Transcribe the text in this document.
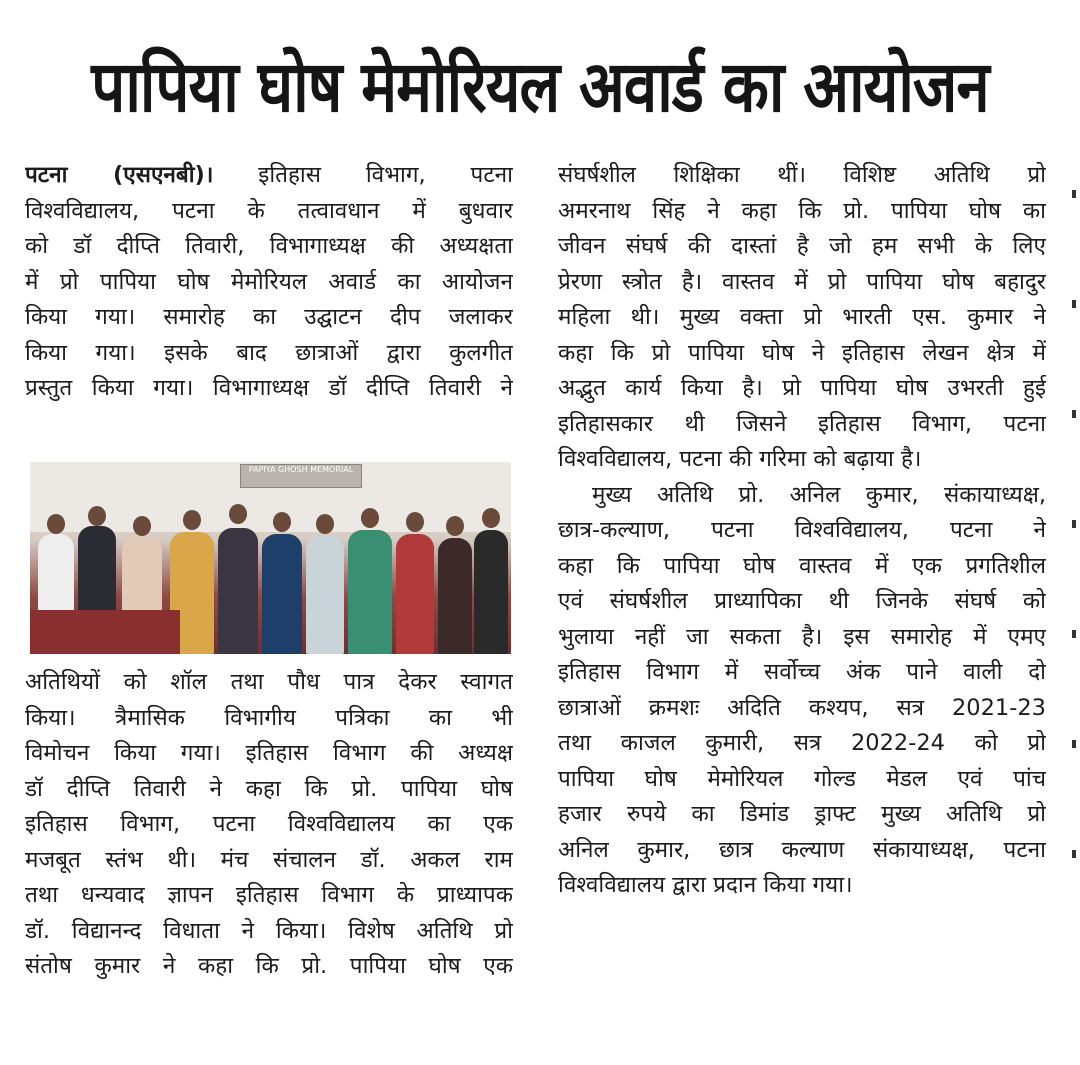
पापिया घोष मेमोरियल अवार्ड का आयोजन
पटना (एसएनबी)। इतिहास विभाग, पटना
विश्वविद्यालय, पटना के तत्वावधान में बुधवार
को डॉ दीप्ति तिवारी, विभागाध्यक्ष की अध्यक्षता
में प्रो पापिया घोष मेमोरियल अवार्ड का आयोजन
किया गया। समारोह का उद्घाटन दीप जलाकर
किया गया। इसके बाद छात्राओं द्वारा कुलगीत
प्रस्तुत किया गया। विभागाध्यक्ष डॉ दीप्ति तिवारी ने
PAPIYA GHOSH MEMORIAL
अतिथियों को शॉल तथा पौध पात्र देकर स्वागत
किया। त्रैमासिक विभागीय पत्रिका का भी
विमोचन किया गया। इतिहास विभाग की अध्यक्ष
डॉ दीप्ति तिवारी ने कहा कि प्रो. पापिया घोष
इतिहास विभाग, पटना विश्वविद्यालय का एक
मजबूत स्तंभ थी। मंच संचालन डॉ. अकल राम
तथा धन्यवाद ज्ञापन इतिहास विभाग के प्राध्यापक
डॉ. विद्यानन्द विधाता ने किया। विशेष अतिथि प्रो
संतोष कुमार ने कहा कि प्रो. पापिया घोष एक
संघर्षशील शिक्षिका थीं। विशिष्ट अतिथि प्रो
अमरनाथ सिंह ने कहा कि प्रो. पापिया घोष का
जीवन संघर्ष की दास्तां है जो हम सभी के लिए
प्रेरणा स्त्रोत है। वास्तव में प्रो पापिया घोष बहादुर
महिला थी। मुख्य वक्ता प्रो भारती एस. कुमार ने
कहा कि प्रो पापिया घोष ने इतिहास लेखन क्षेत्र में
अद्भुत कार्य किया है। प्रो पापिया घोष उभरती हुई
इतिहासकार थी जिसने इतिहास विभाग, पटना
विश्वविद्यालय, पटना की गरिमा को बढ़ाया है।
मुख्य अतिथि प्रो. अनिल कुमार, संकायाध्यक्ष,
छात्र-कल्याण, पटना विश्वविद्यालय, पटना ने
कहा कि पापिया घोष वास्तव में एक प्रगतिशील
एवं संघर्षशील प्राध्यापिका थी जिनके संघर्ष को
भुलाया नहीं जा सकता है। इस समारोह में एमए
इतिहास विभाग में सर्वोच्च अंक पाने वाली दो
छात्राओं क्रमशः अदिति कश्यप, सत्र 2021-23
तथा काजल कुमारी, सत्र 2022-24 को प्रो
पापिया घोष मेमोरियल गोल्ड मेडल एवं पांच
हजार रुपये का डिमांड ड्राफ्ट मुख्य अतिथि प्रो
अनिल कुमार, छात्र कल्याण संकायाध्यक्ष, पटना
विश्वविद्यालय द्वारा प्रदान किया गया।
